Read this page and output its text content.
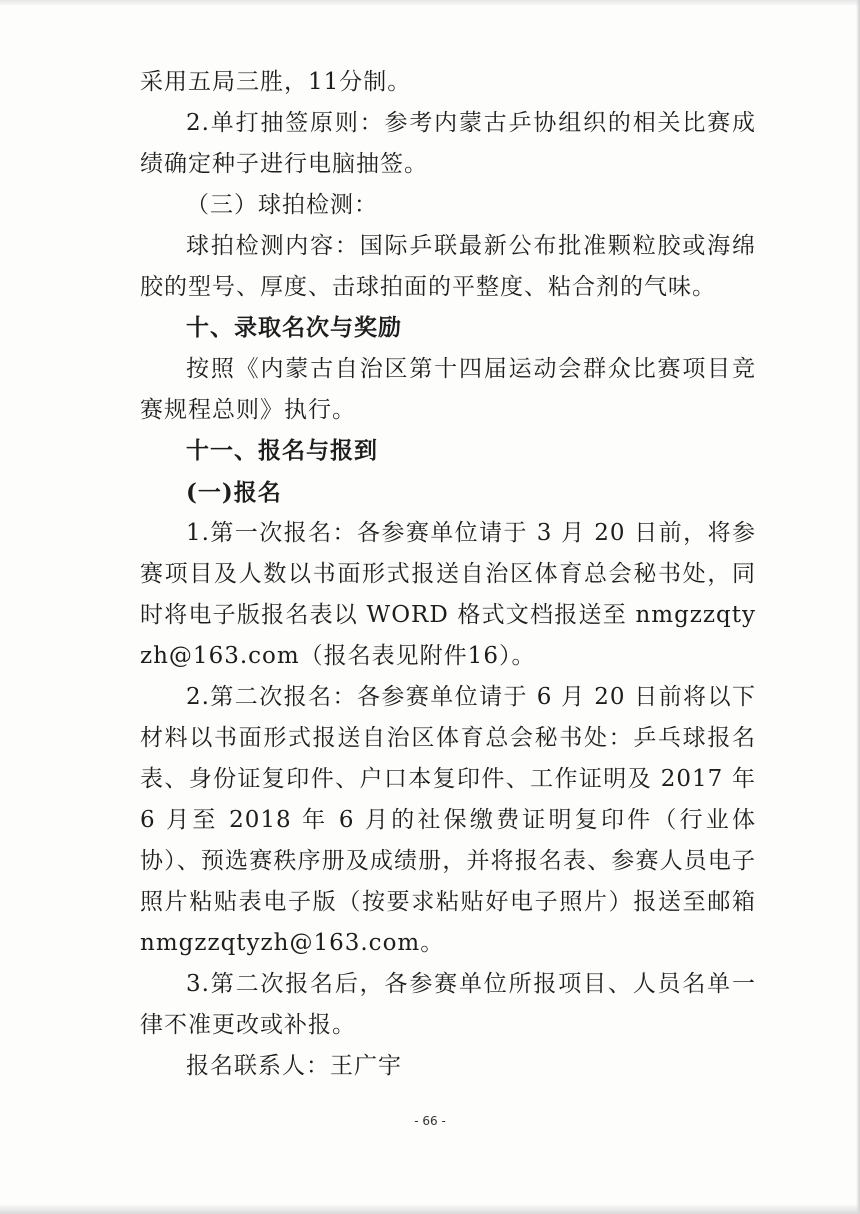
采用五局三胜，11分制。

2.单打抽签原则：参考内蒙古乒协组织的相关比赛成绩确定种子进行电脑抽签。

（三）球拍检测：

球拍检测内容：国际乒联最新公布批准颗粒胶或海绵胶的型号、厚度、击球拍面的平整度、粘合剂的气味。

十、录取名次与奖励

按照《内蒙古自治区第十四届运动会群众比赛项目竞赛规程总则》执行。

十一、报名与报到

(一)报名

1.第一次报名：各参赛单位请于 3 月 20 日前，将参赛项目及人数以书面形式报送自治区体育总会秘书处，同时将电子版报名表以 WORD 格式文档报送至 nmgzzqtyzh@163.com（报名表见附件16）。

2.第二次报名：各参赛单位请于 6 月 20 日前将以下材料以书面形式报送自治区体育总会秘书处：乒乓球报名表、身份证复印件、户口本复印件、工作证明及 2017 年 6 月至 2018 年 6 月的社保缴费证明复印件（行业体协）、预选赛秩序册及成绩册，并将报名表、参赛人员电子照片粘贴表电子版（按要求粘贴好电子照片）报送至邮箱 nmgzzqtyzh@163.com。

3.第二次报名后，各参赛单位所报项目、人员名单一律不准更改或补报。

报名联系人：王广宇

- 66 -
